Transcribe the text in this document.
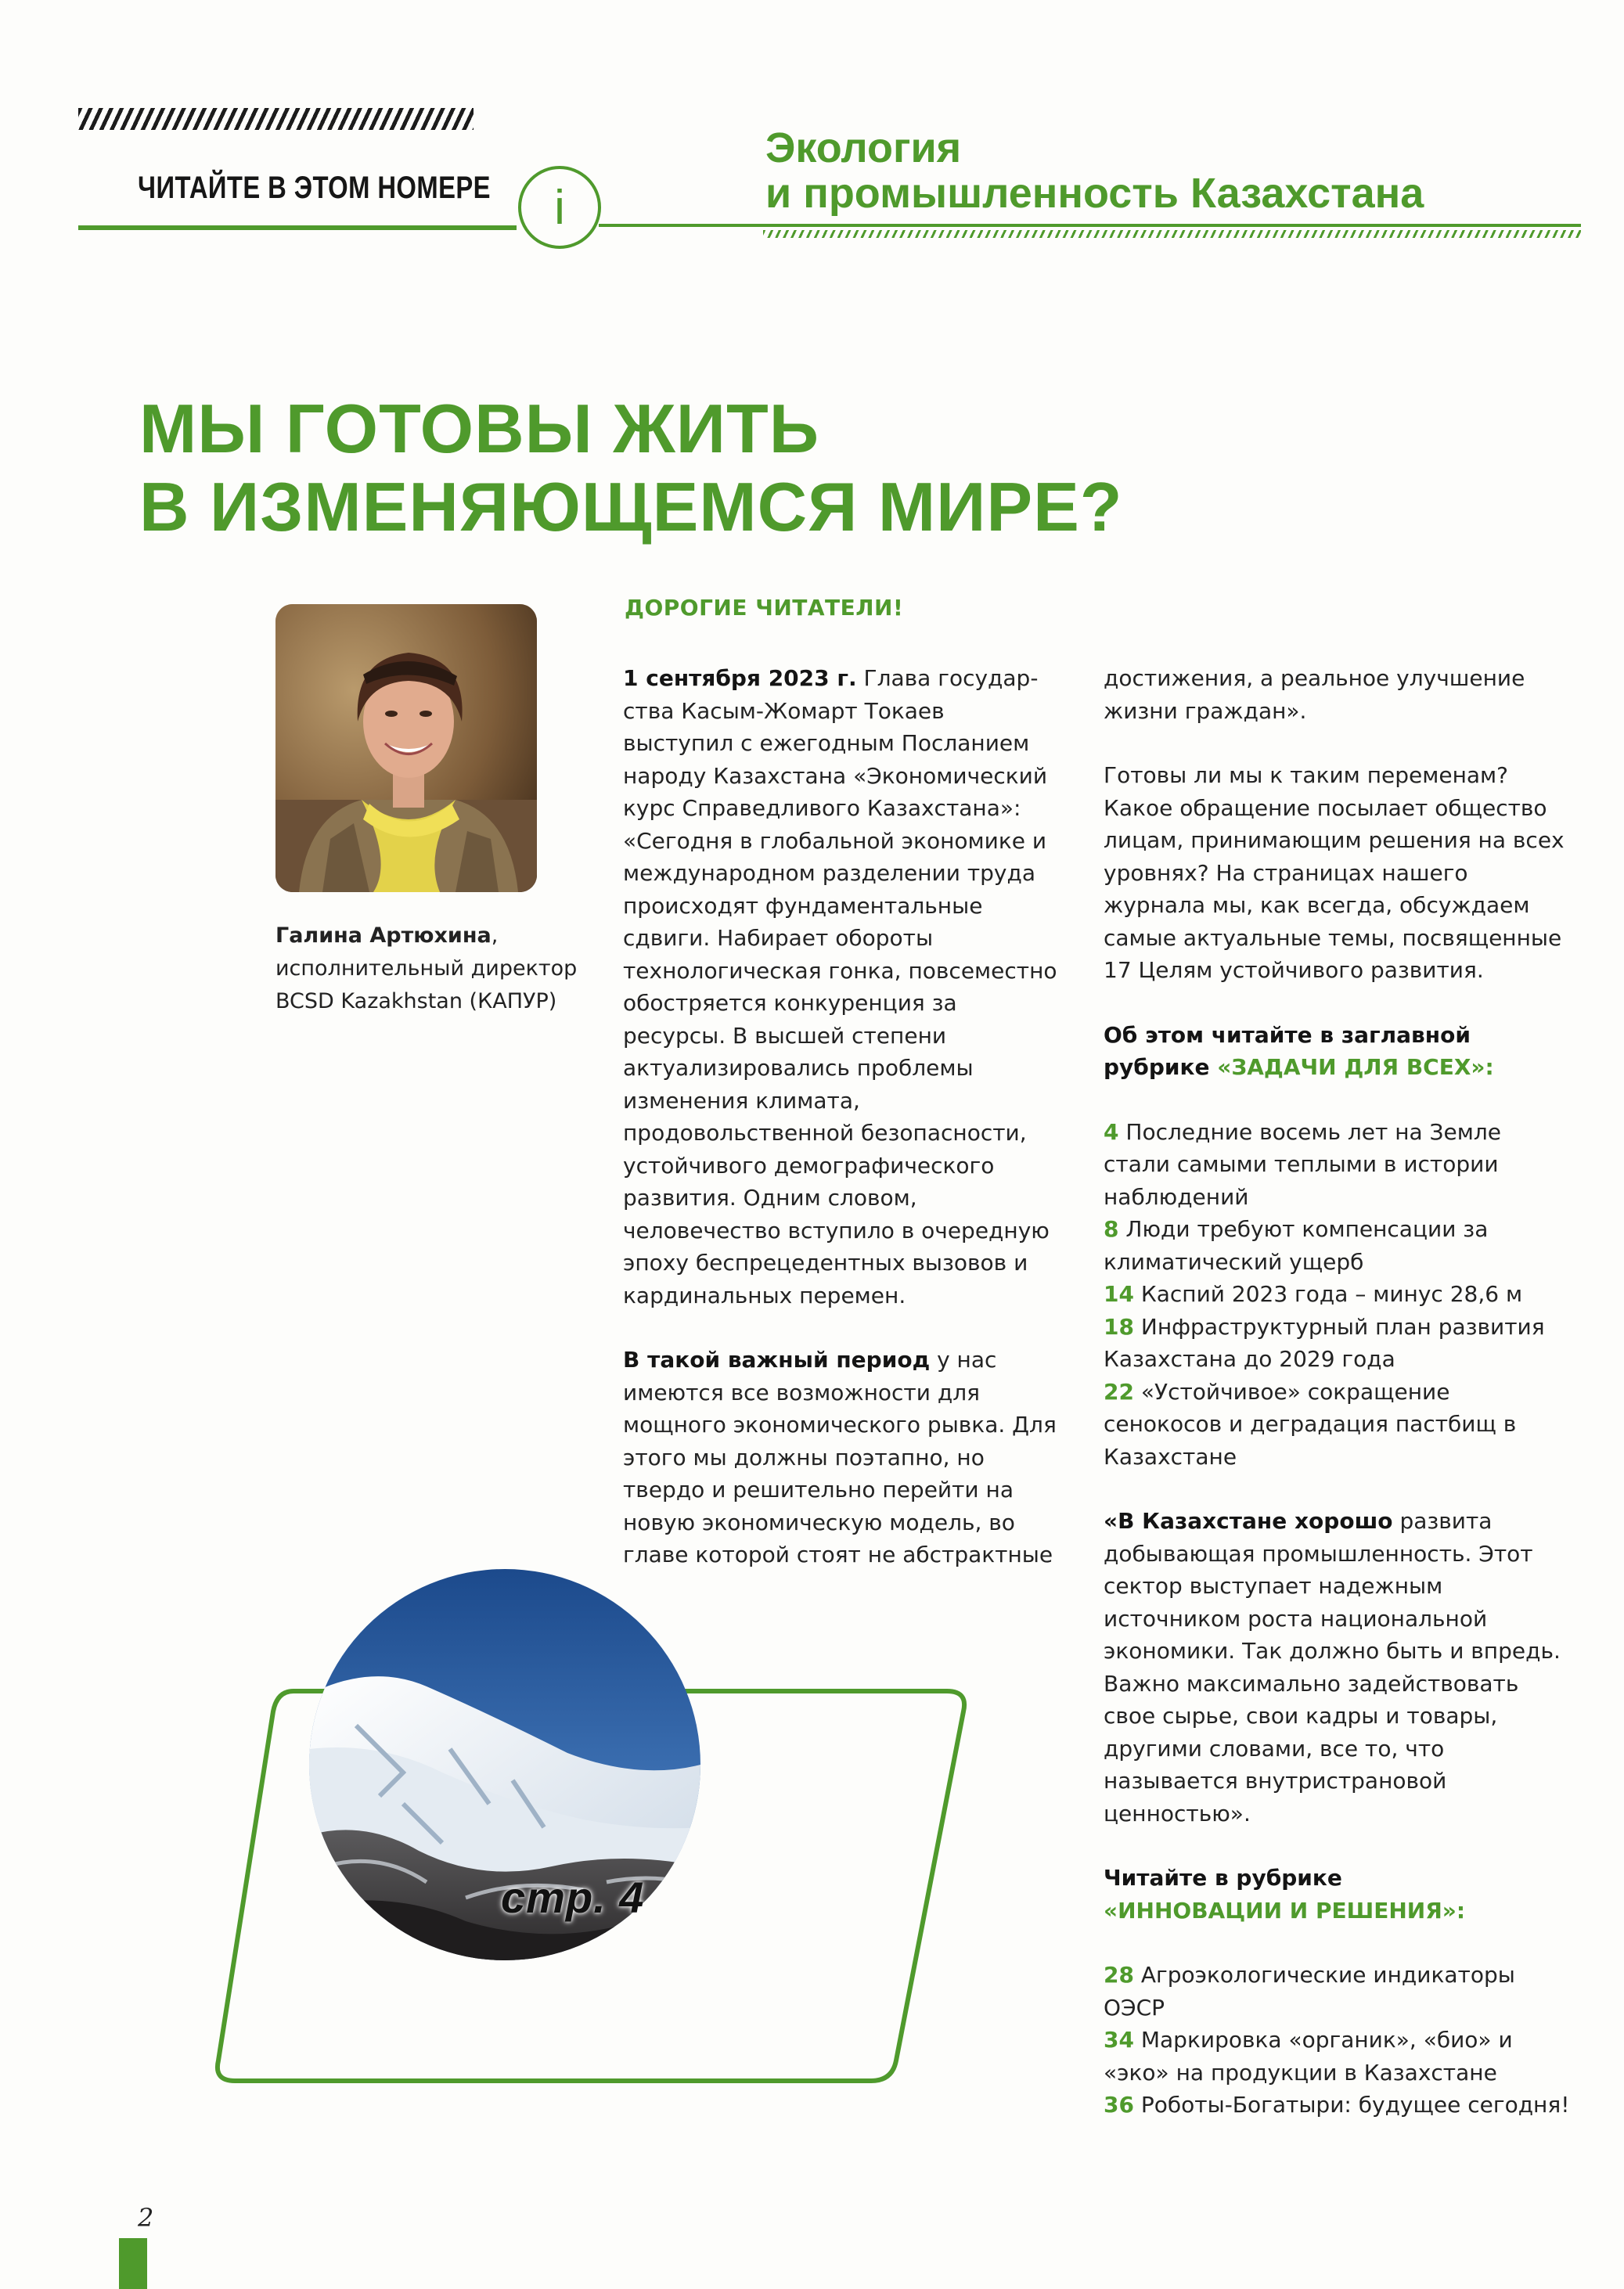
ЧИТАЙТЕ В ЭТОМ НОМЕРЕ i
Экология
и промышленность Казахстана
МЫ ГОТОВЫ ЖИТЬ
В ИЗМЕНЯЮЩЕМСЯ МИРЕ?
Галина Артюхина,
исполнительный директор
BCSD Kazakhstan (КАПУР)
ДОРОГИЕ ЧИТАТЕЛИ!

1 сентября 2023 г. Глава государ-ства Касым-Жомарт Токаев выступил с ежегодным Посланием народу Казахстана «Экономический курс Справедливого Казахстана»: «Сегодня в глобальной экономике и международном разделении труда происходят фундаментальные сдвиги. Набирает обороты технологическая гонка, повсеместно обостряется конкуренция за ресурсы. В высшей степени актуализировались проблемы изменения климата, продовольственной безопасности, устойчивого демографического развития. Одним словом, человечество вступило в очередную эпоху беспрецедентных вызовов и кардинальных перемен.

В такой важный период у нас имеются все возможности для мощного экономического рывка. Для этого мы должны поэтапно, но твердо и решительно перейти на новую экономическую модель, во главе которой стоят не абстрактные

достижения, а реальное улучшение жизни граждан».

Готовы ли мы к таким переменам? Какое обращение посылает общество лицам, принимающим решения на всех уровнях? На страницах нашего журнала мы, как всегда, обсуждаем самые актуальные темы, посвященные 17 Целям устойчивого развития.

Об этом читайте в заглавной рубрике «ЗАДАЧИ ДЛЯ ВСЕХ»:

4 Последние восемь лет на Земле стали самыми теплыми в истории наблюдений

8 Люди требуют компенсации за климатический ущерб

14 Каспий 2023 года – минус 28,6 м

18 Инфраструктурный план развития Казахстана до 2029 года

22 «Устойчивое» сокращение сенокосов и деградация пастбищ в Казахстане

«В Казахстане хорошо развита добывающая промышленность. Этот сектор выступает надежным источником роста национальной экономики. Так должно быть и впредь. Важно максимально задействовать свое сырье, свои кадры и товары, другими словами, все то, что называется внутристрановой ценностью».

Читайте в рубрике

«ИННОВАЦИИ И РЕШЕНИЯ»:

28 Агроэкологические индикаторы ОЭСР

34 Маркировка «органик», «био» и «эко» на продукции в Казахстане

36 Роботы-Богатыри: будущее сегодня!

стр. 4
2
